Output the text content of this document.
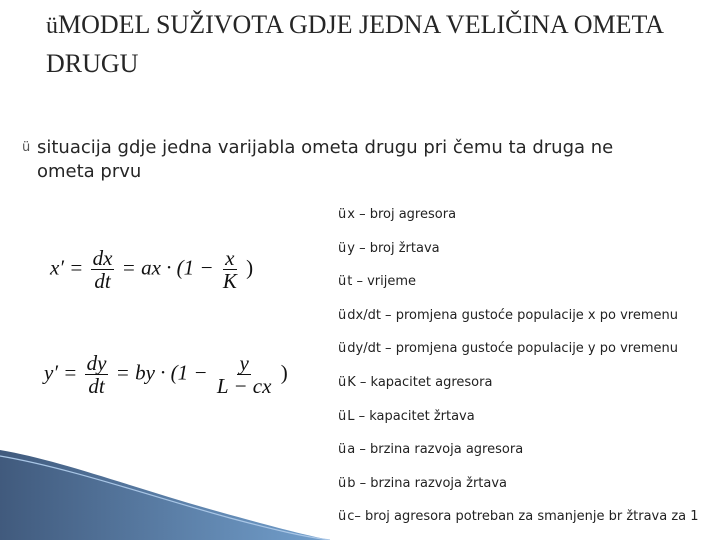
üMODEL SUŽIVOTA GDJE JEDNA VELIČINA OMETA DRUGU
ü situacija gdje jedna varijabla ometa drugu pri čemu ta druga ne ometa prvu
$x' = \frac{dx}{dt}$ = ax · ($1 - \frac{x}{K}$ )
$y' = \frac{dy}{dt}$ = by · ($1 - \frac{y}{L - cx}$ )
üx – broj agresora
üy – broj žrtava
üt – vrijeme
üdx/dt – promjena gustoće populacije x po vremenu
üdy/dt – promjena gustoće populacije y po vremenu
üK – kapacitet agresora
üL – kapacitet žrtava
üa – brzina razvoja agresora
üb – brzina razvoja žrtava
üc– broj agresora potreban za smanjenje br žtrava za 1
